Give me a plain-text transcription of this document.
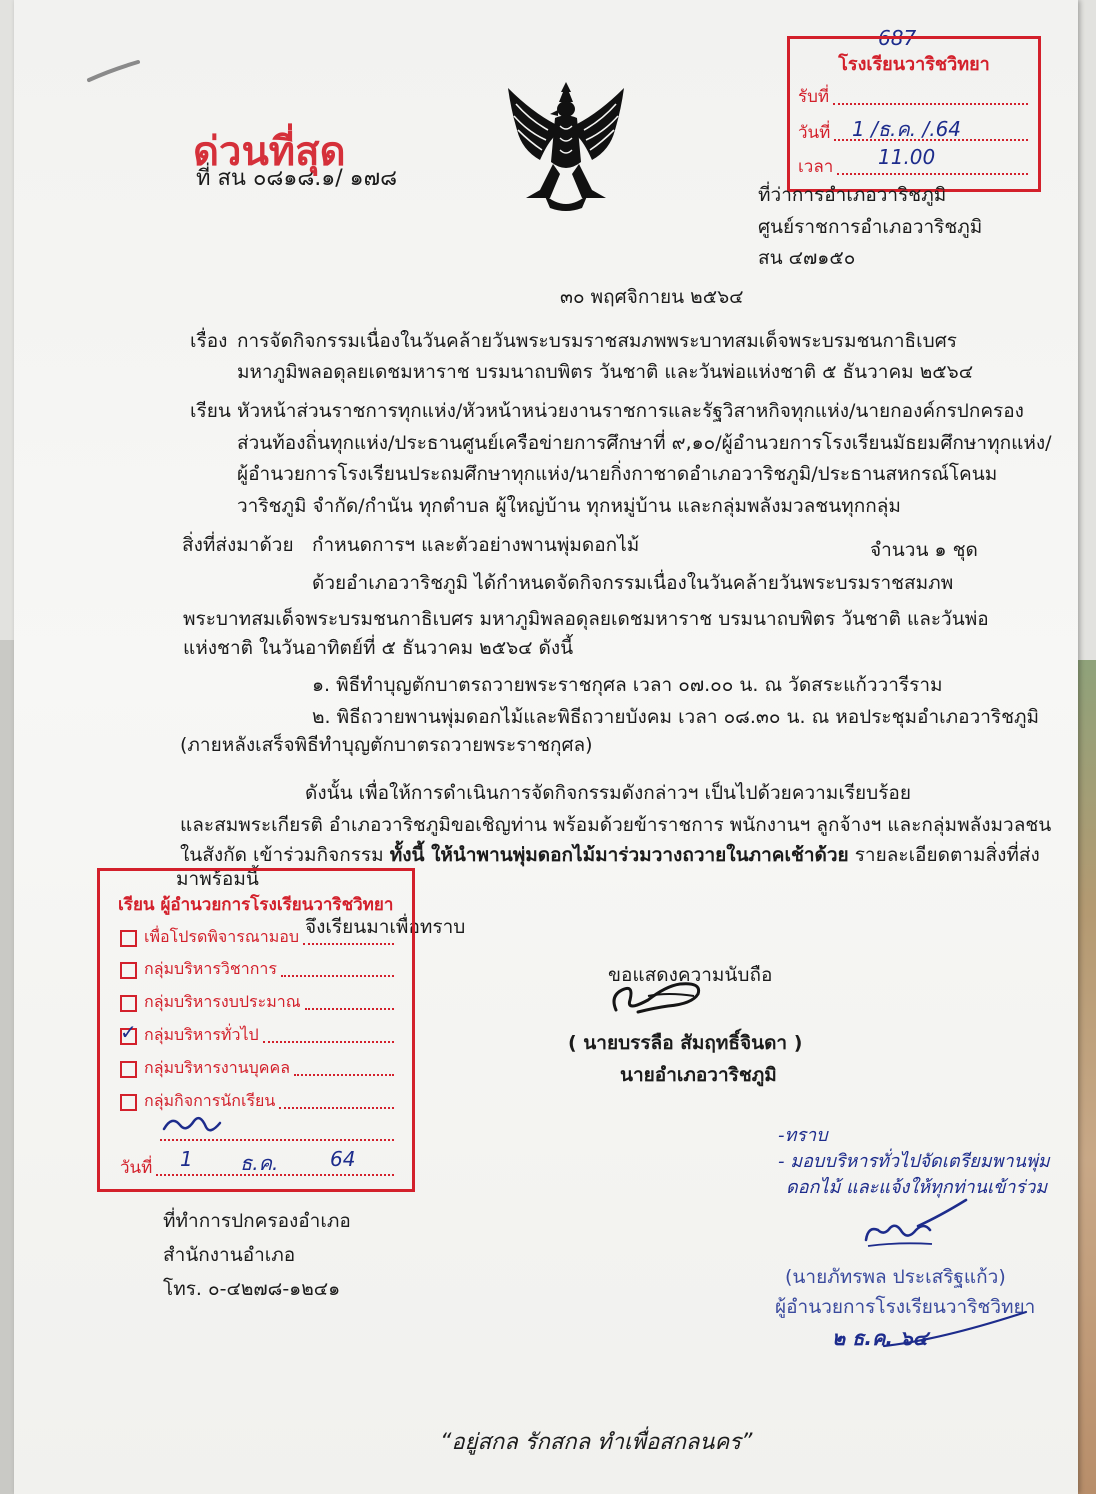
ด่วนที่สุด
ที่ สน ๐๘๑๘.๑/ ๑๗๘
687
โรงเรียนวาริชวิทยา
รับที่
วันที่ 1 /ธ.ค. /.64
เวลา 11.00
ที่ว่าการอำเภอวาริชภูมิ
ศูนย์ราชการอำเภอวาริชภูมิ
สน ๔๗๑๕๐
๓๐ พฤศจิกายน ๒๕๖๔
เรื่อง การจัดกิจกรรมเนื่องในวันคล้ายวันพระบรมราชสมภพพระบาทสมเด็จพระบรมชนกาธิเบศร
มหาภูมิพลอดุลยเดชมหาราช บรมนาถบพิตร วันชาติ และวันพ่อแห่งชาติ ๕ ธันวาคม ๒๕๖๔
เรียน หัวหน้าส่วนราชการทุกแห่ง/หัวหน้าหน่วยงานราชการและรัฐวิสาหกิจทุกแห่ง/นายกองค์กรปกครอง
ส่วนท้องถิ่นทุกแห่ง/ประธานศูนย์เครือข่ายการศึกษาที่ ๙,๑๐/ผู้อำนวยการโรงเรียนมัธยมศึกษาทุกแห่ง/
ผู้อำนวยการโรงเรียนประถมศึกษาทุกแห่ง/นายกิ่งกาชาดอำเภอวาริชภูมิ/ประธานสหกรณ์โคนม
วาริชภูมิ จำกัด/กำนัน ทุกตำบล ผู้ใหญ่บ้าน ทุกหมู่บ้าน และกลุ่มพลังมวลชนทุกกลุ่ม
สิ่งที่ส่งมาด้วย กำหนดการฯ และตัวอย่างพานพุ่มดอกไม้	จำนวน ๑ ชุด
ด้วยอำเภอวาริชภูมิ ได้กำหนดจัดกิจกรรมเนื่องในวันคล้ายวันพระบรมราชสมภพ
พระบาทสมเด็จพระบรมชนกาธิเบศร มหาภูมิพลอดุลยเดชมหาราช บรมนาถบพิตร วันชาติ และวันพ่อ
แห่งชาติ ในวันอาทิตย์ที่ ๕ ธันวาคม ๒๕๖๔ ดังนี้
๑. พิธีทำบุญตักบาตรถวายพระราชกุศล เวลา ๐๗.๐๐ น. ณ วัดสระแก้ววารีราม
๒. พิธีถวายพานพุ่มดอกไม้และพิธีถวายบังคม เวลา ๐๘.๓๐ น. ณ หอประชุมอำเภอวาริชภูมิ
(ภายหลังเสร็จพิธีทำบุญตักบาตรถวายพระราชกุศล)
ดังนั้น เพื่อให้การดำเนินการจัดกิจกรรมดังกล่าวฯ เป็นไปด้วยความเรียบร้อย
และสมพระเกียรติ อำเภอวาริชภูมิขอเชิญท่าน พร้อมด้วยข้าราชการ พนักงานฯ ลูกจ้างฯ และกลุ่มพลังมวลชน
ในสังกัด เข้าร่วมกิจกรรม ทั้งนี้ ให้นำพานพุ่มดอกไม้มาร่วมวางถวายในภาคเช้าด้วย รายละเอียดตามสิ่งที่ส่ง
มาพร้อมนี้
จึงเรียนมาเพื่อทราบ
ขอแสดงความนับถือ
( นายบรรลือ สัมฤทธิ์จินดา )
นายอำเภอวาริชภูมิ
เรียน ผู้อำนวยการโรงเรียนวาริชวิทยา
เพื่อโปรดพิจารณามอบ
กลุ่มบริหารวิชาการ
กลุ่มบริหารงบประมาณ
✓
กลุ่มบริหารทั่วไป
กลุ่มบริหารงานบุคคล
กลุ่มกิจการนักเรียน
วันที่ 1 ธ.ค.	64
ที่ทำการปกครองอำเภอ
สำนักงานอำเภอ
โทร. ๐-๔๒๗๘-๑๒๔๑
-ทราบ
- มอบบริหารทั่วไปจัดเตรียมพานพุ่ม
ดอกไม้ และแจ้งให้ทุกท่านเข้าร่วม
(นายภัทรพล ประเสริฐแก้ว)
ผู้อำนวยการโรงเรียนวาริชวิทยา
๒ ธ.ค. ๖๔
“อยู่สกล รักสกล ทำเพื่อสกลนคร”
